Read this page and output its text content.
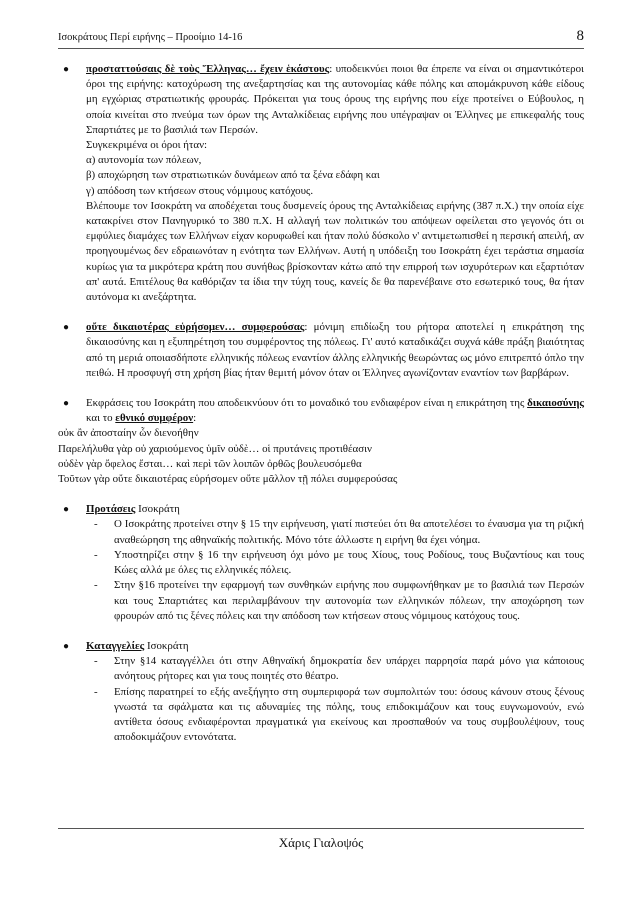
Ισοκράτους Περί ειρήνης – Προοίμιο 14-16	8
● προσταττούσαις δὲ τοὺς Ἕλληνας… ἔχειν ἑκάστους: υποδεικνύει ποιοι θα έπρεπε να είναι οι σημαντικότεροι όροι της ειρήνης: κατοχύρωση της ανεξαρτησίας και της αυτονομίας κάθε πόλης και απομάκρυνση κάθε είδους μη εγχώριας στρατιωτικής φρουράς. Πρόκειται για τους όρους της ειρήνης που είχε προτείνει ο Εύβουλος, η οποία κινείται στο πνεύμα των όρων της Ανταλκίδειας ειρήνης που υπέγραψαν οι Έλληνες με επικεφαλής τους Σπαρτιάτες με το βασιλιά των Περσών.
Συγκεκριμένα οι όροι ήταν:
α) αυτονομία των πόλεων,
β) αποχώρηση των στρατιωτικών δυνάμεων από τα ξένα εδάφη και
γ) απόδοση των κτήσεων στους νόμιμους κατόχους.
Βλέπουμε τον Ισοκράτη να αποδέχεται τους δυσμενείς όρους της Ανταλκίδειας ειρήνης (387 π.Χ.) την οποία είχε κατακρίνει στον Πανηγυρικό το 380 π.Χ. Η αλλαγή των πολιτικών του απόψεων οφείλεται στο γεγονός ότι οι εμφύλιες διαμάχες των Ελλήνων είχαν κορυφωθεί και ήταν πολύ δύσκολο ν' αντιμετωπισθεί η περσική απειλή, αν προηγουμένως δεν εδραιωνόταν η ενότητα των Ελλήνων. Αυτή η υπόδειξη του Ισοκράτη έχει τεράστια σημασία κυρίως για τα μικρότερα κράτη που συνήθως βρίσκονταν κάτω από την επιρροή των ισχυρότερων και εξαρτιόταν απ' αυτά. Επιτέλους θα καθόριζαν τα ίδια την τύχη τους, κανείς δε θα παρενέβαινε στο εσωτερικό τους, θα ήταν αυτόνομα κι ανεξάρτητα.
● οὔτε δικαιοτέρας εὑρήσομεν… συμφερούσας: μόνιμη επιδίωξη του ρήτορα αποτελεί η επικράτηση της δικαιοσύνης και η εξυπηρέτηση του συμφέροντος της πόλεως. Γι' αυτό καταδικάζει συχνά κάθε πράξη βιαιότητας από τη μεριά οποιασδήποτε ελληνικής πόλεως εναντίον άλλης ελληνικής θεωρώντας ως μόνο επιτρεπτό όπλο την πειθώ. Η προσφυγή στη χρήση βίας ήταν θεμιτή μόνον όταν οι Έλληνες αγωνίζονταν εναντίον των βαρβάρων.
● Εκφράσεις του Ισοκράτη που αποδεικνύουν ότι το μοναδικό του ενδιαφέρον είναι η επικράτηση της δικαιοσύνης και το εθνικό συμφέρον:
οὐκ ἂν ἀποσταίην ὧν διενοήθην
Παρελήλυθα γὰρ οὐ χαριούμενος ὑμῖν οὐδὲ… οἱ πρυτάνεις προτιθέασιν
οὐδὲν γὰρ ὄφελος ἔσται… καὶ περὶ τῶν λοιπῶν ὀρθῶς βουλευσόμεθα
Τοῦτων γὰρ οὔτε δικαιοτέρας εὑρήσομεν οὔτε μᾶλλον τῇ πόλει συμφερούσας
● Προτάσεις Ισοκράτη
- Ο Ισοκράτης προτείνει στην § 15 την ειρήνευση, γιατί πιστεύει ότι θα αποτελέσει το έναυσμα για τη ριζική αναθεώρηση της αθηναϊκής πολιτικής. Μόνο τότε άλλωστε η ειρήνη θα έχει νόημα.
- Υποστηρίζει στην § 16 την ειρήνευση όχι μόνο με τους Χίους, τους Ροδίους, τους Βυζαντίους και τους Κώες αλλά με όλες τις ελληνικές πόλεις.
- Στην §16 προτείνει την εφαρμογή των συνθηκών ειρήνης που συμφωνήθηκαν με το βασιλιά των Περσών και τους Σπαρτιάτες και περιλαμβάνουν την αυτονομία των ελληνικών πόλεων, την αποχώρηση των φρουρών από τις ξένες πόλεις και την απόδοση των κτήσεων στους νόμιμους κατόχους τους.
● Καταγγελίες Ισοκράτη
- Στην §14 καταγγέλλει ότι στην Αθηναϊκή δημοκρατία δεν υπάρχει παρρησία παρά μόνο για κάποιους ανόητους ρήτορες και για τους ποιητές στο θέατρο.
- Επίσης παρατηρεί το εξής ανεξήγητο στη συμπεριφορά των συμπολιτών του: όσους κάνουν στους ξένους γνωστά τα σφάλματα και τις αδυναμίες της πόλης, τους επιδοκιμάζουν και τους ευγνωμονούν, ενώ αντίθετα όσους ενδιαφέρονται πραγματικά για εκείνους και προσπαθούν να τους συμβουλέψουν, τους αποδοκιμάζουν εντονότατα.
Χάρις Γιαλοψός
